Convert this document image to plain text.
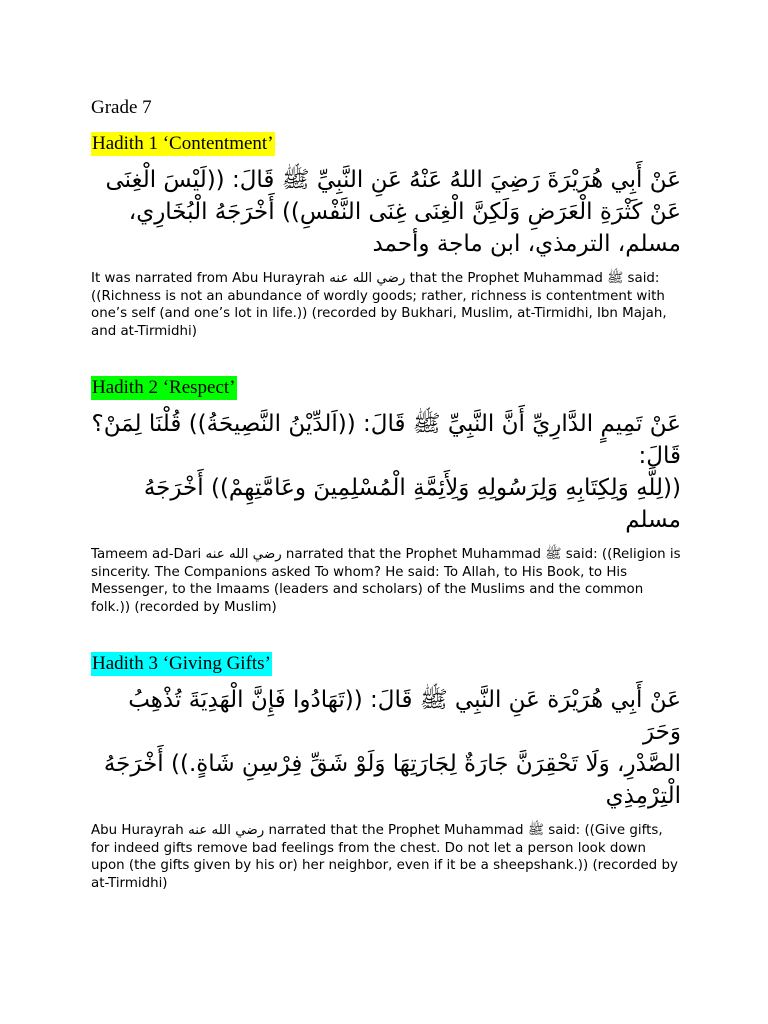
Grade 7
Hadith 1 ‘Contentment’
عَنْ أَبِي هُرَيْرَةَ رَضِيَ اللهُ عَنْهُ عَنِ النَّبِيِّ ﷺ قَالَ: ((لَيْسَ الْغِنَى
عَنْ كَثْرَةِ الْعَرَضِ وَلَكِنَّ الْغِنَى غِنَى النَّفْسِ)) أَخْرَجَهُ الْبُخَارِي،
مسلم، الترمذي، ابن ماجة وأحمد

It was narrated from Abu Hurayrah رضي الله عنه that the Prophet Muhammad ﷺ said: ((Richness is not an abundance of wordly goods; rather, richness is contentment with one’s self (and one’s lot in life.)) (recorded by Bukhari, Muslim, at-Tirmidhi, Ibn Majah, and at-Tirmidhi)

Hadith 2 ‘Respect’
عَنْ تَمِيمٍ الدَّارِيِّ أَنَّ النَّبِيِّ ﷺ قَالَ: ((اَلدِّيْنُ النَّصِيحَةُ)) قُلْنَا لِمَنْ؟ قَالَ:
((لِلَّهِ وَلِكِتَابِهِ وَلِرَسُولِهِ وَلِأَئِمَّةِ الْمُسْلِمِينَ وعَامَّتِهِمْ)) أَخْرَجَهُ مسلم

Tameem ad-Dari رضي الله عنه narrated that the Prophet Muhammad ﷺ said: ((Religion is sincerity. The Companions asked To whom? He said: To Allah, to His Book, to His Messenger, to the Imaams (leaders and scholars) of the Muslims and the common folk.)) (recorded by Muslim)

Hadith 3 ‘Giving Gifts’
عَنْ أَبِي هُرَيْرَة عَنِ النَّبِي ﷺ قَالَ: ((تَهَادُوا فَإِنَّ الْهَدِيَةَ تُذْهِبُ وَحَرَ
الصَّدْرِ، وَلَا تَحْقِرَنَّ جَارَةٌ لِجَارَتِهَا وَلَوْ شَقِّ فِرْسِنِ شَاةٍ.)) أَخْرَجَهُ
الْتِرْمِذِي

Abu Hurayrah رضي الله عنه narrated that the Prophet Muhammad ﷺ said: ((Give gifts, for indeed gifts remove bad feelings from the chest. Do not let a person look down upon (the gifts given by his or) her neighbor, even if it be a sheepshank.)) (recorded by at-Tirmidhi)
